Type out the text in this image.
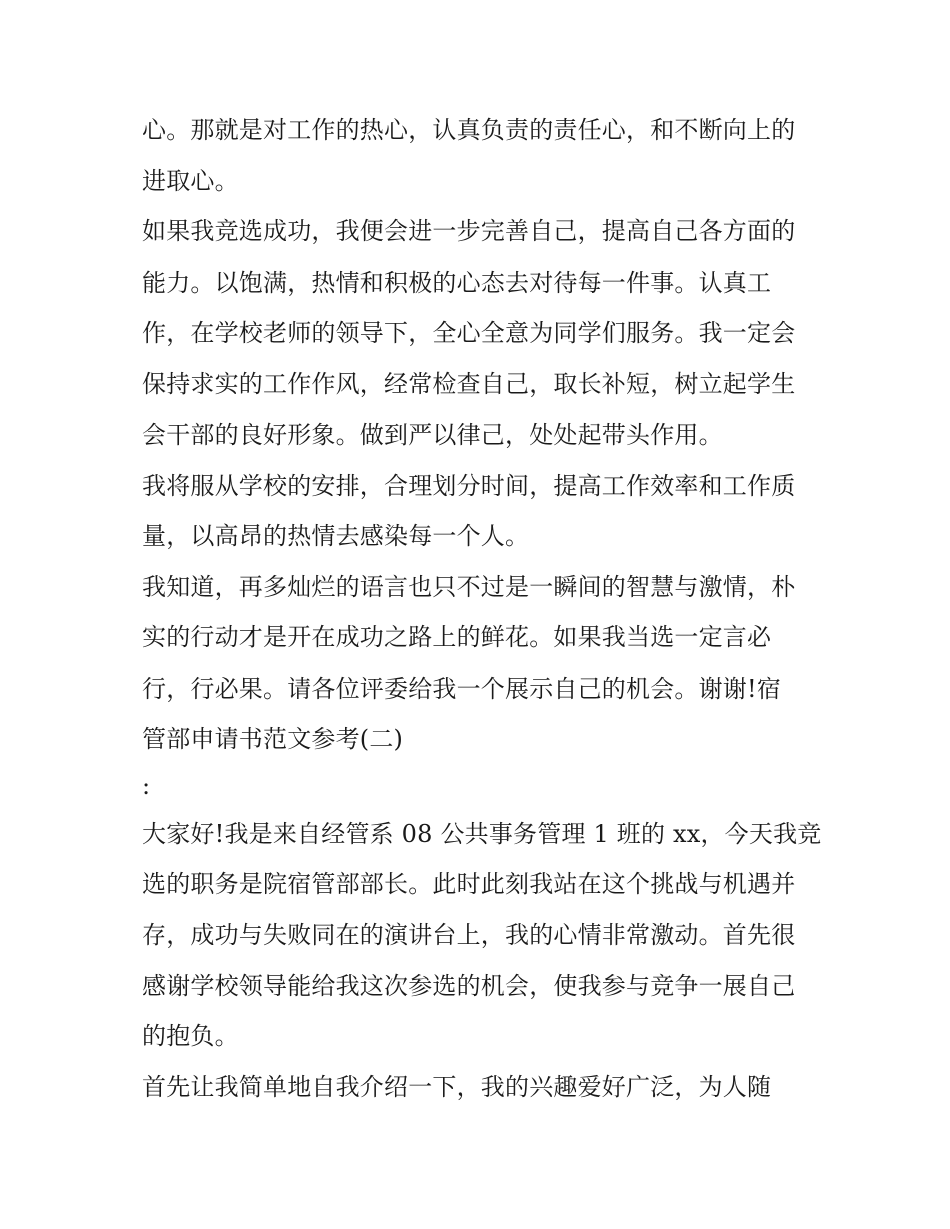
心。那就是对工作的热心，认真负责的责任心，和不断向上的
进取心。
如果我竞选成功，我便会进一步完善自己，提高自己各方面的
能力。以饱满，热情和积极的心态去对待每一件事。认真工
作，在学校老师的领导下，全心全意为同学们服务。我一定会
保持求实的工作作风，经常检查自己，取长补短，树立起学生
会干部的良好形象。做到严以律己，处处起带头作用。
我将服从学校的安排，合理划分时间，提高工作效率和工作质
量，以高昂的热情去感染每一个人。
我知道，再多灿烂的语言也只不过是一瞬间的智慧与激情，朴
实的行动才是开在成功之路上的鲜花。如果我当选一定言必
行，行必果。请各位评委给我一个展示自己的机会。谢谢!宿
管部申请书范文参考(二)
:
大家好!我是来自经管系 08 公共事务管理 1 班的 xx，今天我竞
选的职务是院宿管部部长。此时此刻我站在这个挑战与机遇并
存，成功与失败同在的演讲台上，我的心情非常激动。首先很
感谢学校领导能给我这次参选的机会，使我参与竞争一展自己
的抱负。
首先让我简单地自我介绍一下，我的兴趣爱好广泛，为人随
